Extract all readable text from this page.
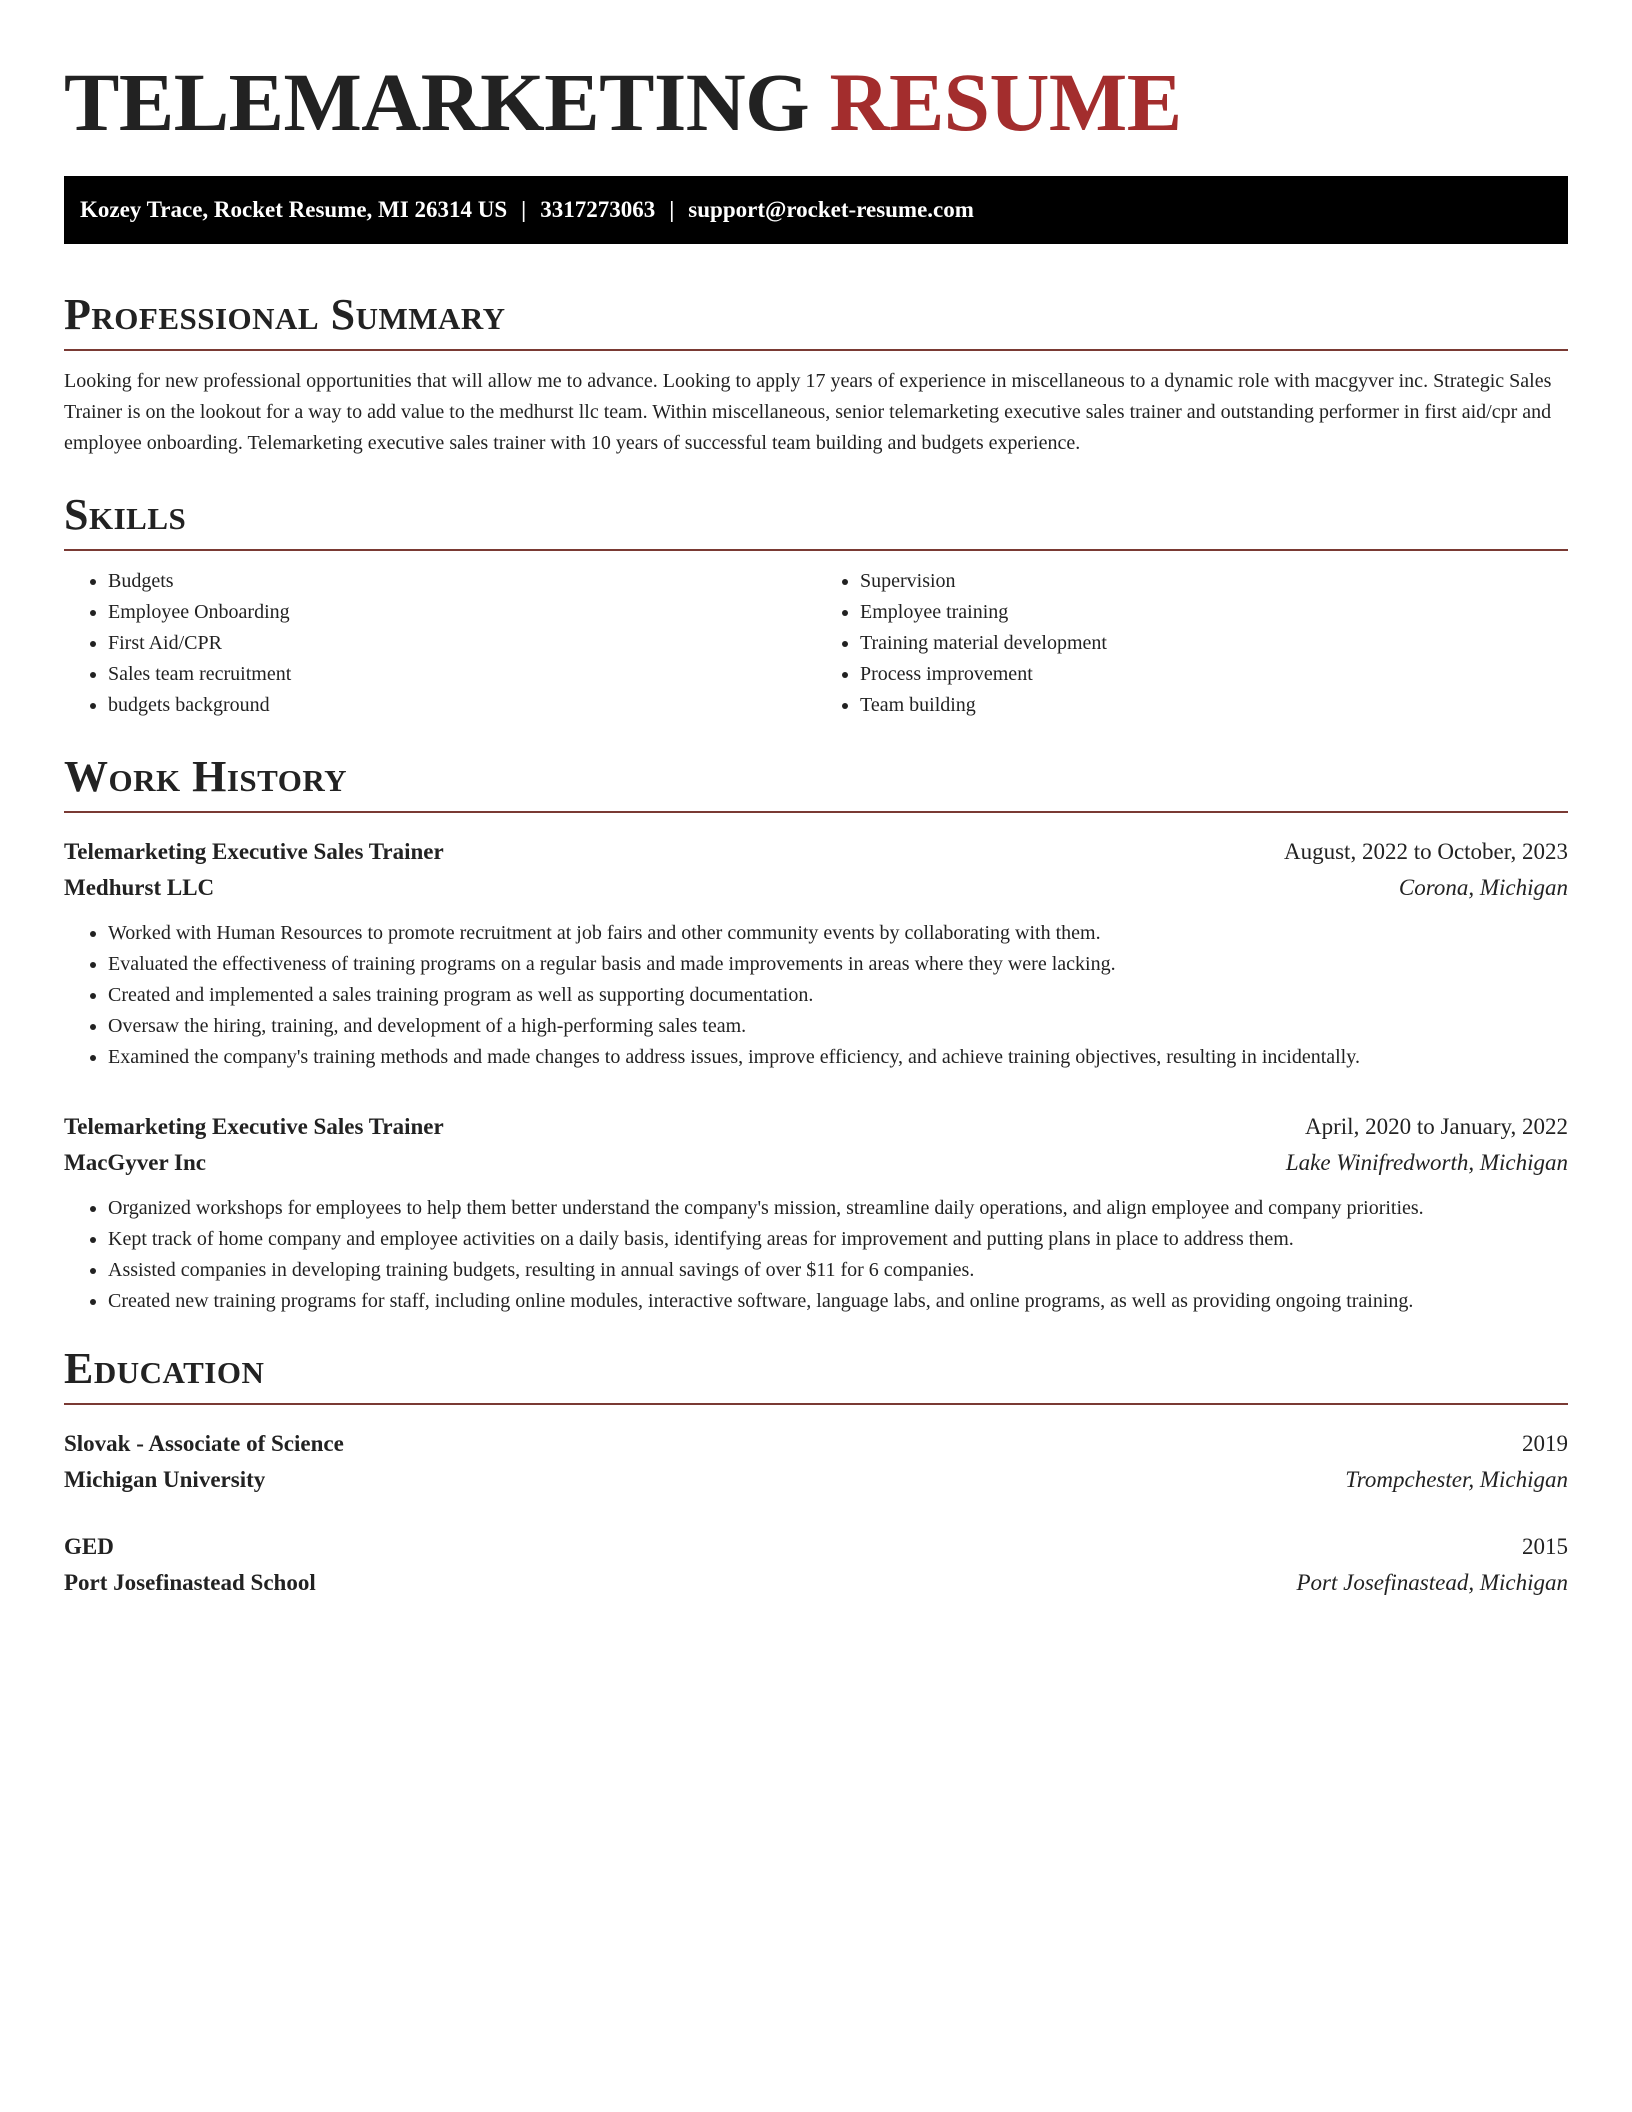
TELEMARKETING RESUME
Kozey Trace, Rocket Resume, MI 26314 US | 3317273063 | support@rocket-resume.com
Professional Summary

Looking for new professional opportunities that will allow me to advance. Looking to apply 17 years of experience in miscellaneous to a dynamic role with macgyver inc. Strategic Sales Trainer is on the lookout for a way to add value to the medhurst llc team. Within miscellaneous, senior telemarketing executive sales trainer and outstanding performer in first aid/cpr and employee onboarding. Telemarketing executive sales trainer with 10 years of successful team building and budgets experience.

Skills
• Budgets
• Employee Onboarding
• First Aid/CPR
• Sales team recruitment
• budgets background
• Supervision
• Employee training
• Training material development
• Process improvement
• Team building
Work History
Telemarketing Executive Sales Trainer	August, 2022 to October, 2023
Medhurst LLC	Corona, Michigan
• Worked with Human Resources to promote recruitment at job fairs and other community events by collaborating with them.
• Evaluated the effectiveness of training programs on a regular basis and made improvements in areas where they were lacking.
• Created and implemented a sales training program as well as supporting documentation.
• Oversaw the hiring, training, and development of a high-performing sales team.
• Examined the company's training methods and made changes to address issues, improve efficiency, and achieve training objectives, resulting in incidentally.
Telemarketing Executive Sales Trainer	April, 2020 to January, 2022
MacGyver Inc	Lake Winifredworth, Michigan
• Organized workshops for employees to help them better understand the company's mission, streamline daily operations, and align employee and company priorities.
• Kept track of home company and employee activities on a daily basis, identifying areas for improvement and putting plans in place to address them.
• Assisted companies in developing training budgets, resulting in annual savings of over $11 for 6 companies.
• Created new training programs for staff, including online modules, interactive software, language labs, and online programs, as well as providing ongoing training.
Education
Slovak - Associate of Science	2019
Michigan University	Trompchester, Michigan
GED	2015
Port Josefinastead School	Port Josefinastead, Michigan
